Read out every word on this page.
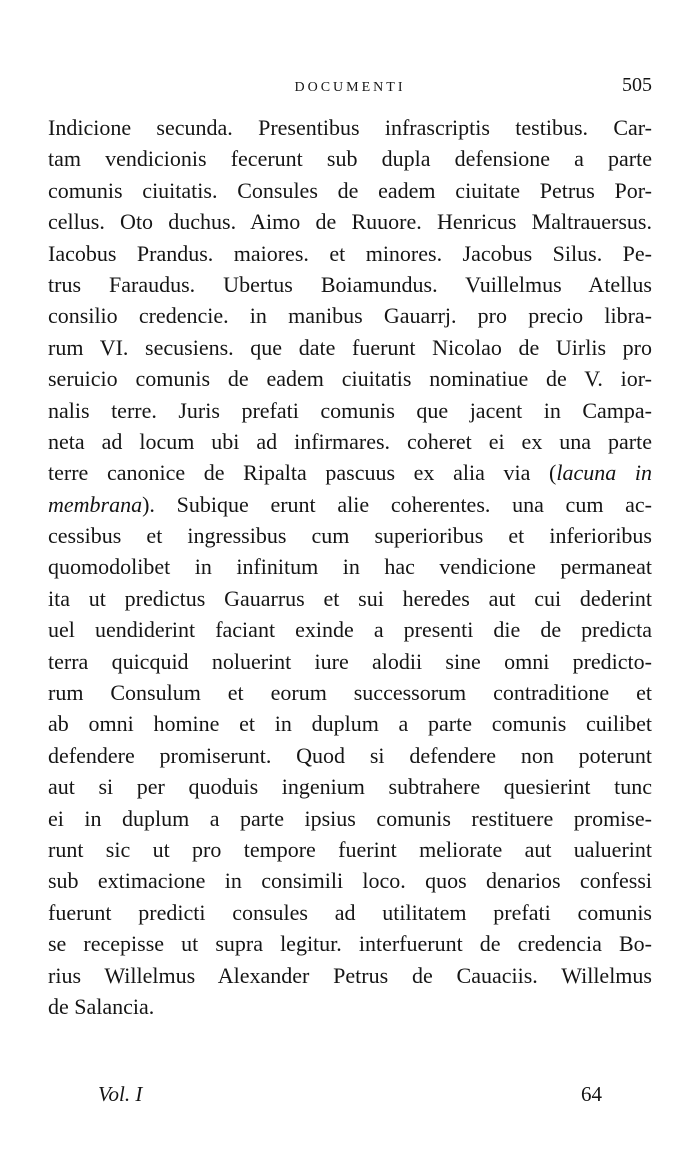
DOCUMENTI	505
Indicione secunda. Presentibus infrascriptis testibus. Car-
tam vendicionis fecerunt sub dupla defensione a parte
comunis ciuitatis. Consules de eadem ciuitate Petrus Por-
cellus. Oto duchus. Aimo de Ruuore. Henricus Maltrauersus.
Iacobus Prandus. maiores. et minores. Jacobus Silus. Pe-
trus Faraudus. Ubertus Boiamundus. Vuillelmus Atellus
consilio credencie. in manibus Gauarrj. pro precio libra-
rum VI. secusiens. que date fuerunt Nicolao de Uirlis pro
seruicio comunis de eadem ciuitatis nominatiue de V. ior-
nalis terre. Juris prefati comunis que jacent in Campa-
neta ad locum ubi ad infirmares. coheret ei ex una parte
terre canonice de Ripalta pascuus ex alia via (lacuna in
membrana). Subique erunt alie coherentes. una cum ac-
cessibus et ingressibus cum superioribus et inferioribus
quomodolibet in infinitum in hac vendicione permaneat
ita ut predictus Gauarrus et sui heredes aut cui dederint
uel uendiderint faciant exinde a presenti die de predicta
terra quicquid noluerint iure alodii sine omni predicto-
rum Consulum et eorum successorum contraditione et
ab omni homine et in duplum a parte comunis cuilibet
defendere promiserunt. Quod si defendere non poterunt
aut si per quoduis ingenium subtrahere quesierint tunc
ei in duplum a parte ipsius comunis restituere promise-
runt sic ut pro tempore fuerint meliorate aut ualuerint
sub extimacione in consimili loco. quos denarios confessi
fuerunt predicti consules ad utilitatem prefati comunis
se recepisse ut supra legitur. interfuerunt de credencia Bo-
rius Willelmus Alexander Petrus de Cauaciis. Willelmus
de Salancia.
Vol. I	64
